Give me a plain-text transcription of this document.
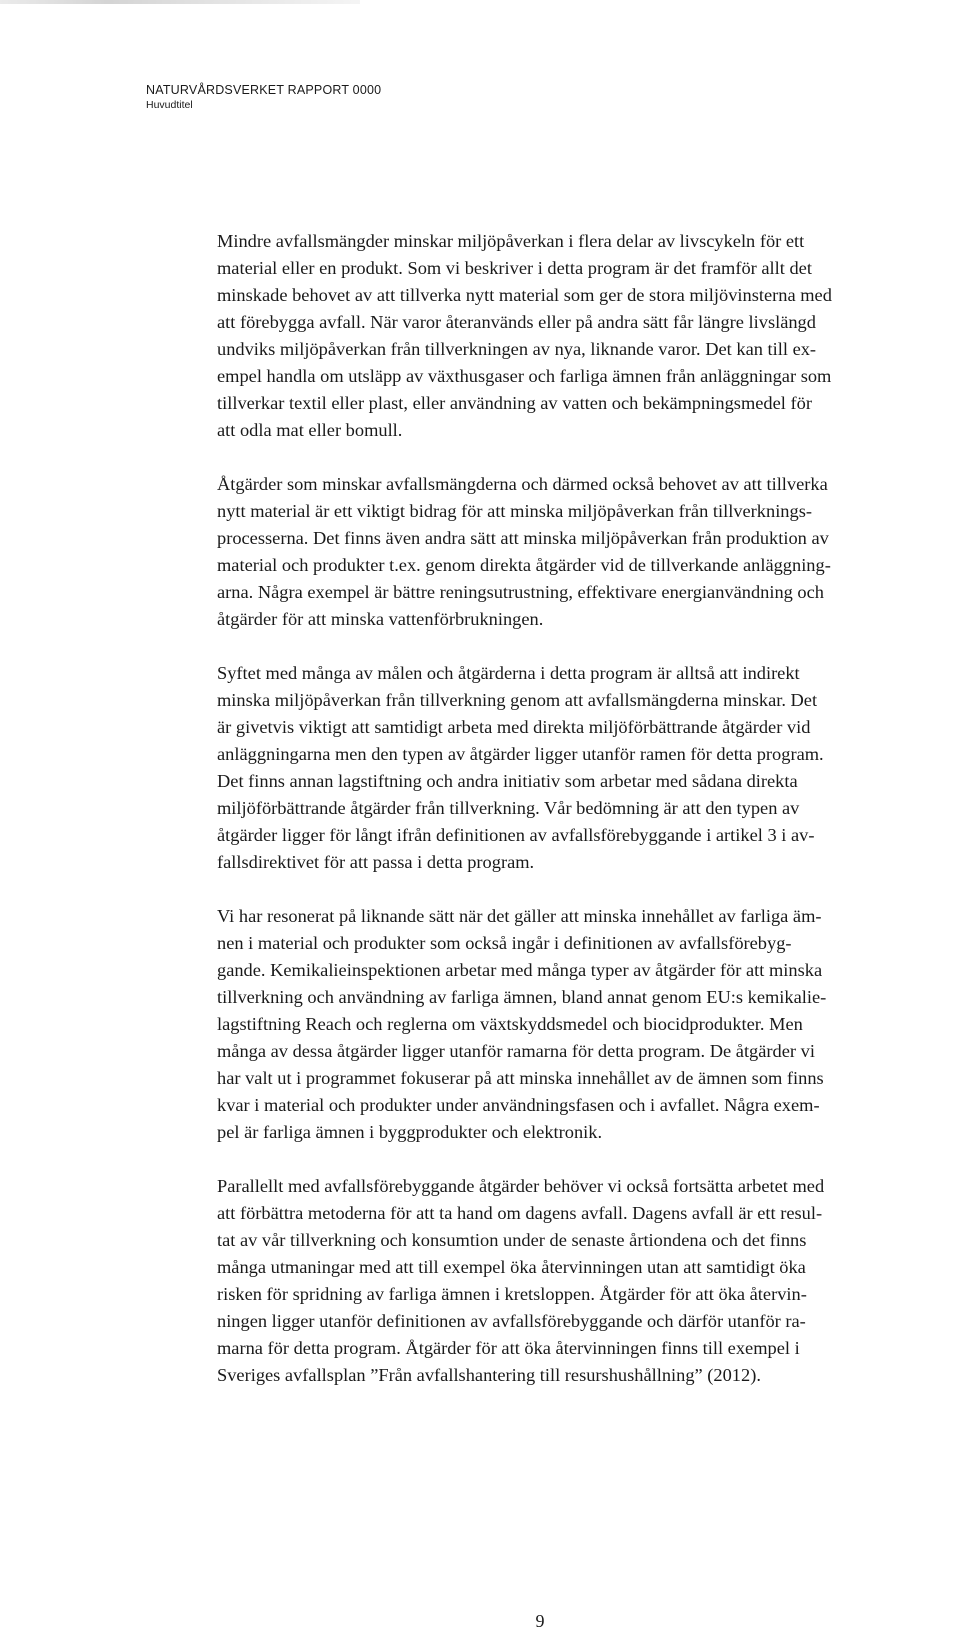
NATURVÅRDSVERKET RAPPORT 0000
Huvudtitel

Mindre avfallsmängder minskar miljöpåverkan i flera delar av livscykeln för ett
material eller en produkt. Som vi beskriver i detta program är det framför allt det
minskade behovet av att tillverka nytt material som ger de stora miljövinsterna med
att förebygga avfall. När varor återanvänds eller på andra sätt får längre livslängd
undviks miljöpåverkan från tillverkningen av nya, liknande varor. Det kan till ex-
empel handla om utsläpp av växthusgaser och farliga ämnen från anläggningar som
tillverkar textil eller plast, eller användning av vatten och bekämpningsmedel för
att odla mat eller bomull.

Åtgärder som minskar avfallsmängderna och därmed också behovet av att tillverka
nytt material är ett viktigt bidrag för att minska miljöpåverkan från tillverknings-
processerna. Det finns även andra sätt att minska miljöpåverkan från produktion av
material och produkter t.ex. genom direkta åtgärder vid de tillverkande anläggning-
arna. Några exempel är bättre reningsutrustning, effektivare energianvändning och
åtgärder för att minska vattenförbrukningen.

Syftet med många av målen och åtgärderna i detta program är alltså att indirekt
minska miljöpåverkan från tillverkning genom att avfallsmängderna minskar. Det
är givetvis viktigt att samtidigt arbeta med direkta miljöförbättrande åtgärder vid
anläggningarna men den typen av åtgärder ligger utanför ramen för detta program.
Det finns annan lagstiftning och andra initiativ som arbetar med sådana direkta
miljöförbättrande åtgärder från tillverkning. Vår bedömning är att den typen av
åtgärder ligger för långt ifrån definitionen av avfallsförebyggande i artikel 3 i av-
fallsdirektivet för att passa i detta program.

Vi har resonerat på liknande sätt när det gäller att minska innehållet av farliga äm-
nen i material och produkter som också ingår i definitionen av avfallsförebyg-
gande. Kemikalieinspektionen arbetar med många typer av åtgärder för att minska
tillverkning och användning av farliga ämnen, bland annat genom EU:s kemikalie-
lagstiftning Reach och reglerna om växtskyddsmedel och biocidprodukter. Men
många av dessa åtgärder ligger utanför ramarna för detta program. De åtgärder vi
har valt ut i programmet fokuserar på att minska innehållet av de ämnen som finns
kvar i material och produkter under användningsfasen och i avfallet. Några exem-
pel är farliga ämnen i byggprodukter och elektronik.

Parallellt med avfallsförebyggande åtgärder behöver vi också fortsätta arbetet med
att förbättra metoderna för att ta hand om dagens avfall. Dagens avfall är ett resul-
tat av vår tillverkning och konsumtion under de senaste årtiondena och det finns
många utmaningar med att till exempel öka återvinningen utan att samtidigt öka
risken för spridning av farliga ämnen i kretsloppen. Åtgärder för att öka återvin-
ningen ligger utanför definitionen av avfallsförebyggande och därför utanför ra-
marna för detta program. Åtgärder för att öka återvinningen finns till exempel i
Sveriges avfallsplan ”Från avfallshantering till resurshushållning” (2012).

9
